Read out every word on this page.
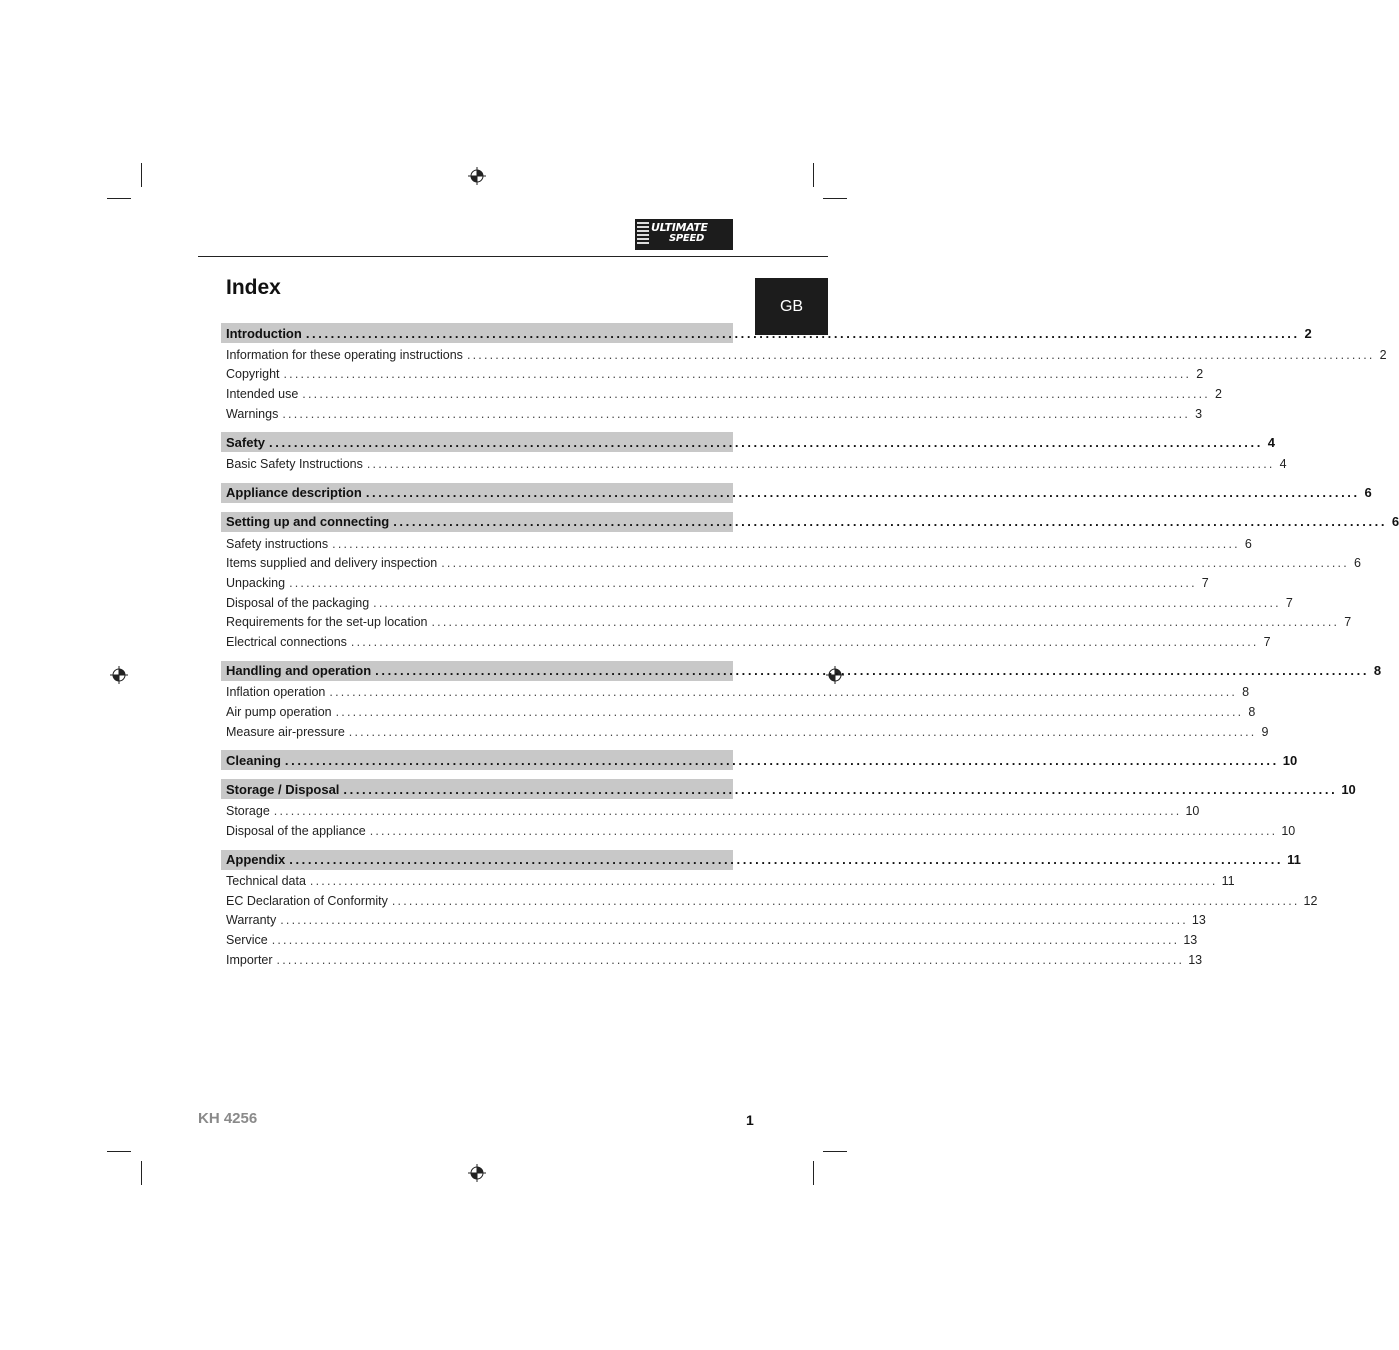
ULTIMATE
SPEED
GB
Index
Introduction ................................................................................................................................................................ 2
Information for these operating instructions ................................................................................................................................................................ 2
Copyright ................................................................................................................................................................ 2
Intended use ................................................................................................................................................................ 2
Warnings ................................................................................................................................................................ 3
Safety ................................................................................................................................................................ 4
Basic Safety Instructions ................................................................................................................................................................ 4
Appliance description ................................................................................................................................................................ 6
Setting up and connecting ................................................................................................................................................................ 6
Safety instructions ................................................................................................................................................................ 6
Items supplied and delivery inspection ................................................................................................................................................................ 6
Unpacking ................................................................................................................................................................ 7
Disposal of the packaging ................................................................................................................................................................ 7
Requirements for the set-up location ................................................................................................................................................................ 7
Electrical connections ................................................................................................................................................................ 7
Handling and operation ................................................................................................................................................................ 8
Inflation operation ................................................................................................................................................................ 8
Air pump operation ................................................................................................................................................................ 8
Measure air-pressure ................................................................................................................................................................ 9
Cleaning ................................................................................................................................................................ 10
Storage / Disposal ................................................................................................................................................................ 10
Storage ................................................................................................................................................................ 10
Disposal of the appliance ................................................................................................................................................................ 10
Appendix ................................................................................................................................................................ 11
Technical data ................................................................................................................................................................ 11
EC Declaration of Conformity ................................................................................................................................................................ 12
Warranty ................................................................................................................................................................ 13
Service ................................................................................................................................................................ 13
Importer ................................................................................................................................................................ 13
KH 4256	1
